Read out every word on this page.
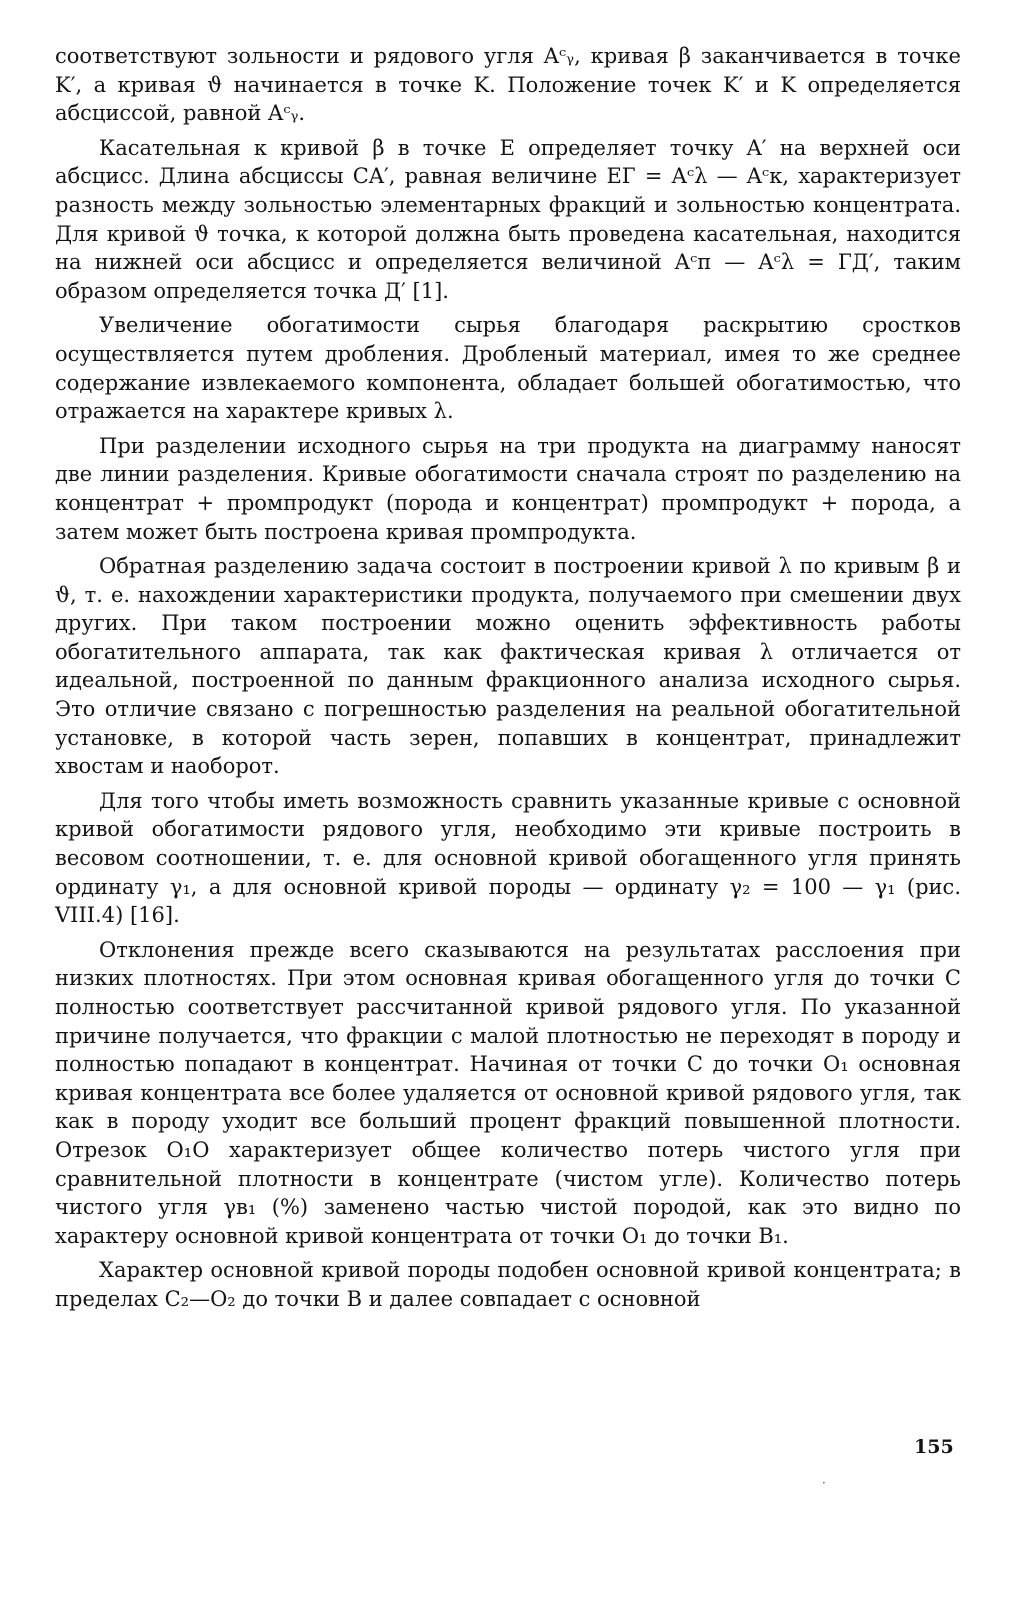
соответствуют зольности и рядового угля Aᶜᵧ, кривая β заканчивается в точке K′, а кривая ϑ начинается в точке K. Положение точек K′ и K определяется абсциссой, равной Aᶜᵧ.

Касательная к кривой β в точке E определяет точку A′ на верхней оси абсцисс. Длина абсциссы CA′, равная величине EГ = Aᶜλ — Aᶜк, характеризует разность между зольностью элементарных фракций и зольностью концентрата. Для кривой ϑ точка, к которой должна быть проведена касательная, находится на нижней оси абсцисс и определяется величиной Aᶜп — Aᶜλ = ГД′, таким образом определяется точка Д′ [1].

Увеличение обогатимости сырья благодаря раскрытию сростков осуществляется путем дробления. Дробленый материал, имея то же среднее содержание извлекаемого компонента, обладает большей обогатимостью, что отражается на характере кривых λ.

При разделении исходного сырья на три продукта на диаграмму наносят две линии разделения. Кривые обогатимости сначала строят по разделению на концентрат + промпродукт (порода и концентрат) промпродукт + порода, а затем может быть построена кривая промпродукта.

Обратная разделению задача состоит в построении кривой λ по кривым β и ϑ, т. е. нахождении характеристики продукта, получаемого при смешении двух других. При таком построении можно оценить эффективность работы обогатительного аппарата, так как фактическая кривая λ отличается от идеальной, построенной по данным фракционного анализа исходного сырья. Это отличие связано с погрешностью разделения на реальной обогатительной установке, в которой часть зерен, попавших в концентрат, принадлежит хвостам и наоборот.

Для того чтобы иметь возможность сравнить указанные кривые с основной кривой обогатимости рядового угля, необходимо эти кривые построить в весовом соотношении, т. е. для основной кривой обогащенного угля принять ординату γ₁, а для основной кривой породы — ординату γ₂ = 100 — γ₁ (рис. VIII.4) [16].

Отклонения прежде всего сказываются на результатах расслоения при низких плотностях. При этом основная кривая обогащенного угля до точки C полностью соответствует рассчитанной кривой рядового угля. По указанной причине получается, что фракции с малой плотностью не переходят в породу и полностью попадают в концентрат. Начиная от точки C до точки O₁ основная кривая концентрата все более удаляется от основной кривой рядового угля, так как в породу уходит все больший процент фракций повышенной плотности. Отрезок O₁O характеризует общее количество потерь чистого угля при сравнительной плотности в концентрате (чистом угле). Количество потерь чистого угля γв₁ (%) заменено частью чистой породой, как это видно по характеру основной кривой концентрата от точки O₁ до точки B₁.

Характер основной кривой породы подобен основной кривой концентрата; в пределах C₂—O₂ до точки B и далее совпадает с основной

155
·
